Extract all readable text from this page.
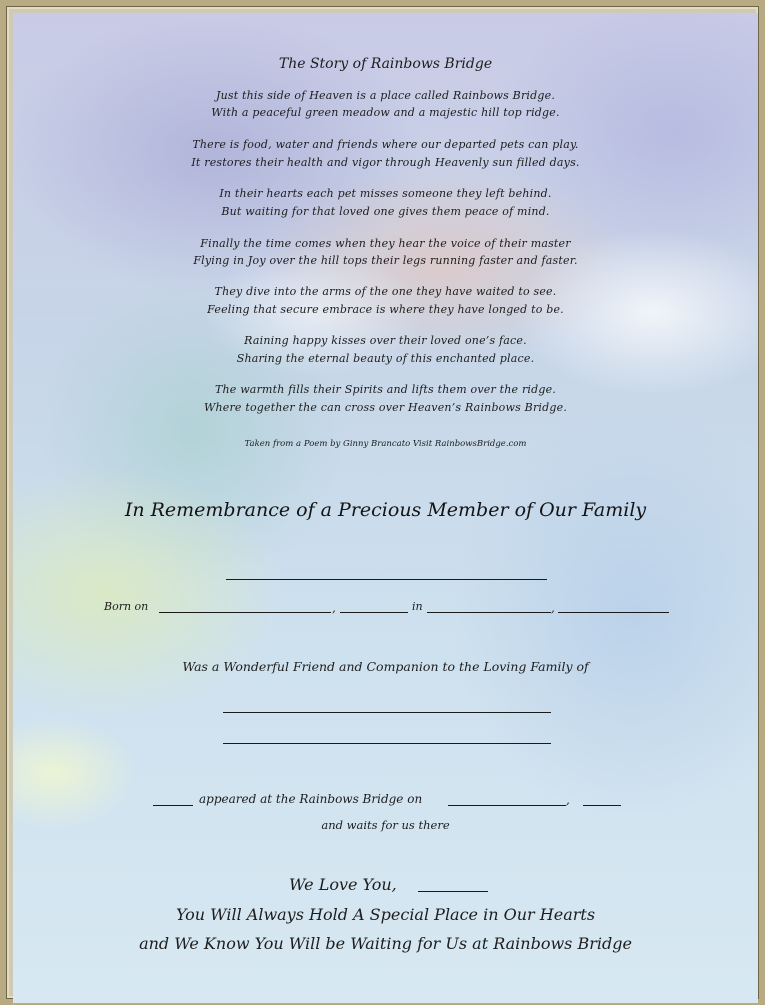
The Story of Rainbows Bridge
Just this side of Heaven is a place called Rainbows Bridge.
With a peaceful green meadow and a majestic hill top ridge.
There is food, water and friends where our departed pets can play.
It restores their health and vigor through Heavenly sun filled days.
In their hearts each pet misses someone they left behind.
But waiting for that loved one gives them peace of mind.
Finally the time comes when they hear the voice of their master
Flying in Joy over the hill tops their legs running faster and faster.
They dive into the arms of the one they have waited to see.
Feeling that secure embrace is where they have longed to be.
Raining happy kisses over their loved one’s face.
Sharing the eternal beauty of this enchanted place.
The warmth fills their Spirits and lifts them over the ridge.
Where together the can cross over Heaven’s Rainbows Bridge.
Taken from a Poem by Ginny Brancato Visit RainbowsBridge.com
In Remembrance of a Precious Member of Our Family
Born on	,	in	,
Was a Wonderful Friend and Companion to the Loving Family of
appeared at the Rainbows Bridge on	,
and waits for us there
We Love You,
You Will Always Hold A Special Place in Our Hearts
and We Know You Will be Waiting for Us at Rainbows Bridge
